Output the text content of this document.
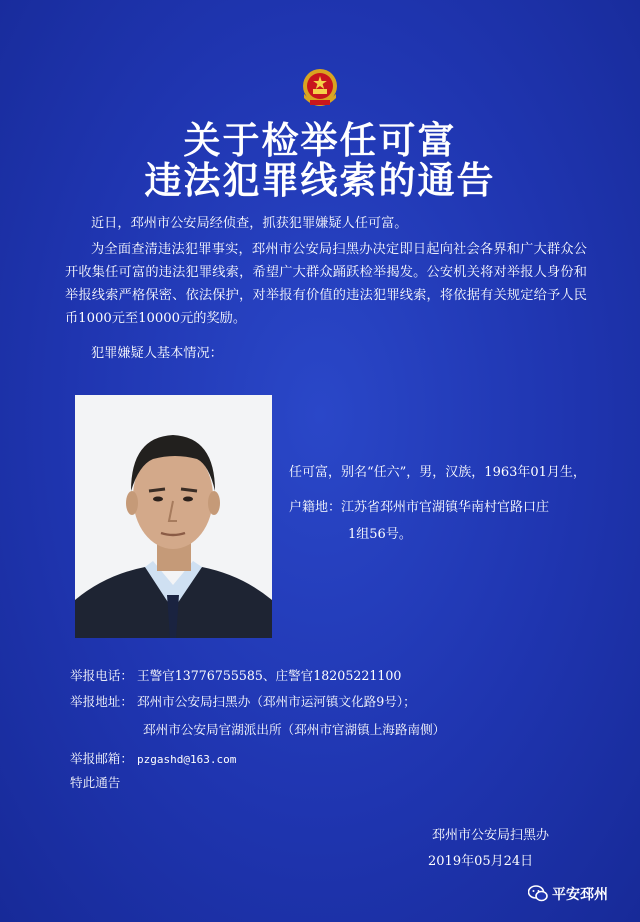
关于检举任可富
违法犯罪线索的通告
近日，邳州市公安局经侦查，抓获犯罪嫌疑人任可富。
为全面查清违法犯罪事实，邳州市公安局扫黑办决定即日起向社会各界和广大群众公开收集任可富的违法犯罪线索，希望广大群众踊跃检举揭发。公安机关将对举报人身份和举报线索严格保密、依法保护，对举报有价值的违法犯罪线索，将依据有关规定给予人民币1000元至10000元的奖励。
犯罪嫌疑人基本情况：
任可富，别名“任六”，男，汉族，1963年01月生，
户籍地：江苏省邳州市官湖镇华南村官路口庄
1组56号。
举报电话： 王警官13776755585、庄警官18205221100
举报地址： 邳州市公安局扫黑办（邳州市运河镇文化路9号）；
邳州市公安局官湖派出所（邳州市官湖镇上海路南侧）
举报邮箱： pzgashd@163.com
特此通告
邳州市公安局扫黑办
2019年05月24日
平安邳州
